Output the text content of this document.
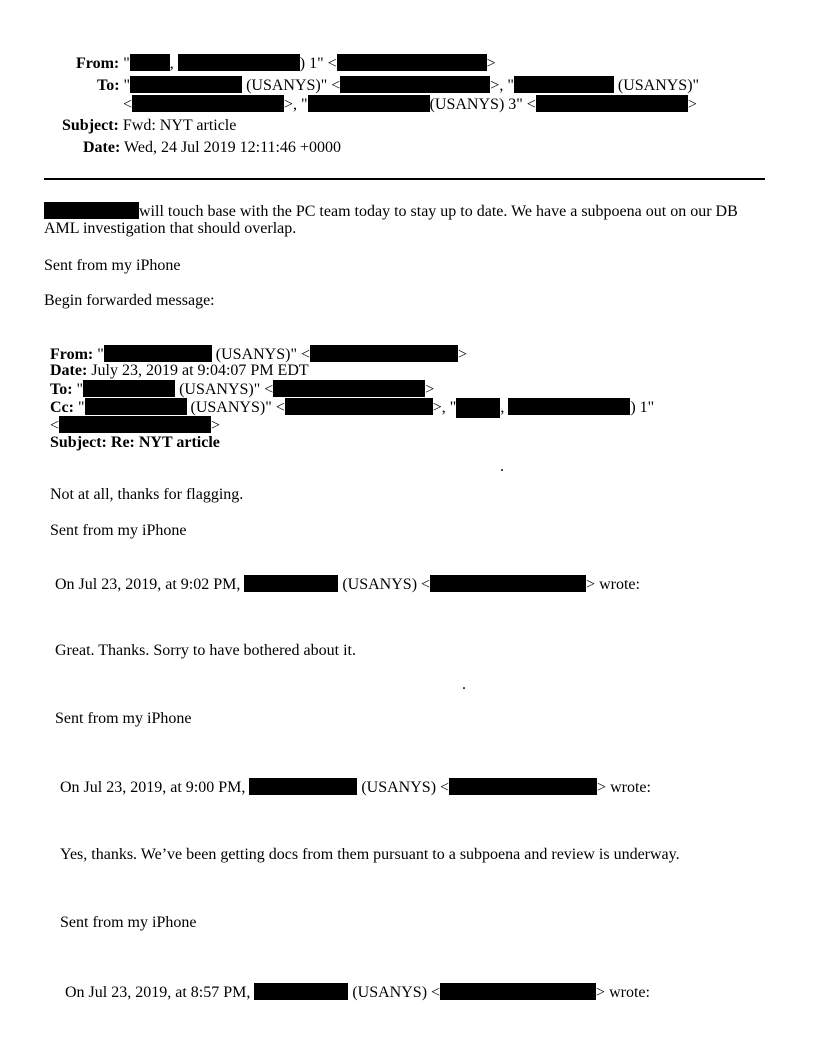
From: "	,	) 1" <	>
To: "	(USANYS)" <	>, "	(USANYS)"
<	>, "	(USANYS) 3" <	>
Subject: Fwd: NYT article
Date: Wed, 24 Jul 2019 12:11:46 +0000
will touch base with the PC team today to stay up to date. We have a subpoena out on our DB
AML investigation that should overlap.
Sent from my iPhone
Begin forwarded message:
From: "	(USANYS)" <	>
Date: July 23, 2019 at 9:04:07 PM EDT
To: "	(USANYS)" <	>
Cc: "	(USANYS)" <	>, "	,	) 1"
<	>
Subject: Re: NYT article
.
Not at all, thanks for flagging.
Sent from my iPhone
On Jul 23, 2019, at 9:02 PM,	(USANYS) <	> wrote:
Great. Thanks. Sorry to have bothered about it.
.
Sent from my iPhone
On Jul 23, 2019, at 9:00 PM,	(USANYS) <	> wrote:
Yes, thanks. We’ve been getting docs from them pursuant to a subpoena and review is underway.
Sent from my iPhone
On Jul 23, 2019, at 8:57 PM,	(USANYS) <	> wrote:
